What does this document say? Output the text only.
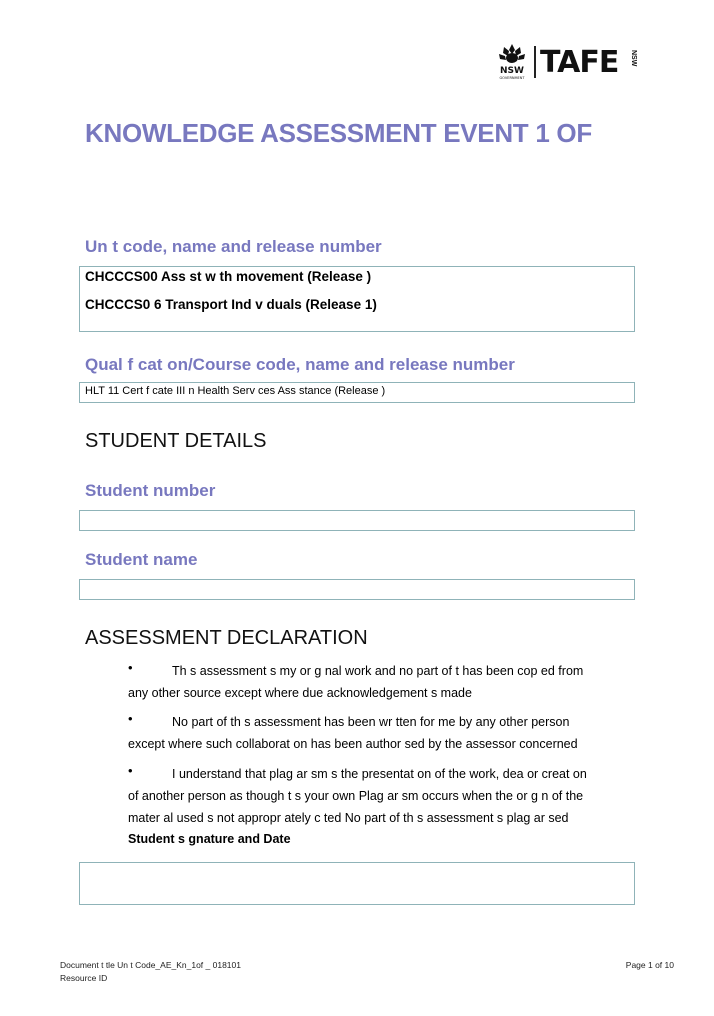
NSW
GOVERNMENT TAFE NSW
KNOWLEDGE ASSESSMENT EVENT 1 OF
Un t code, name and release number
CHCCCS00 Ass st w th movement (Release )
CHCCCS0 6 Transport Ind v duals (Release 1)
Qual f cat on/Course code, name and release number
HLT 11 Cert f cate III n Health Serv ces Ass stance (Release )
STUDENT DETAILS
Student number
Student name
ASSESSMENT DECLARATION
•	Th s assessment s my or g nal work and no part of t has been cop ed from
any other source except where due acknowledgement s made
•	No part of th s assessment has been wr tten for me by any other person
except where such collaborat on has been author sed by the assessor concerned
•	I understand that plag ar sm s the presentat on of the work, dea or creat on
of another person as though t s your own Plag ar sm occurs when the or g n of the
mater al used s not appropr ately c ted No part of th s assessment s plag ar sed
Student s gnature and Date
Document t tle Un t Code_AE_Kn_1of _ 018101
Resource ID
Page 1 of 10
